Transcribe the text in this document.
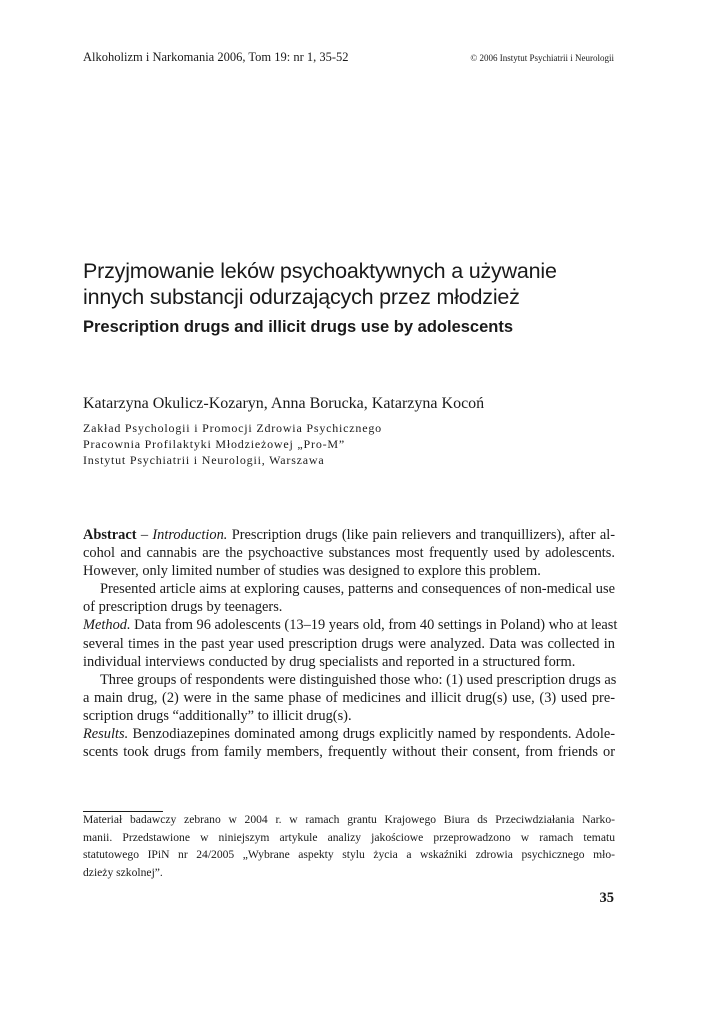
Alkoholizm i Narkomania 2006, Tom 19: nr 1, 35-52	© 2006 Instytut Psychiatrii i Neurologii
Przyjmowanie leków psychoaktywnych a używanie
innych substancji odurzających przez młodzież
Prescription drugs and illicit drugs use by adolescents
Katarzyna Okulicz-Kozaryn, Anna Borucka, Katarzyna Kocoń
Zakład Psychologii i Promocji Zdrowia Psychicznego
Pracownia Profilaktyki Młodzieżowej „Pro-M”
Instytut Psychiatrii i Neurologii, Warszawa
Abstract – Introduction. Prescription drugs (like pain relievers and tranquillizers), after al-
cohol and cannabis are the psychoactive substances most frequently used by adolescents.
However, only limited number of studies was designed to explore this problem.
Presented article aims at exploring causes, patterns and consequences of non-medical use
of prescription drugs by teenagers.
Method. Data from 96 adolescents (13–19 years old, from 40 settings in Poland) who at least
several times in the past year used prescription drugs were analyzed. Data was collected in
individual interviews conducted by drug specialists and reported in a structured form.
Three groups of respondents were distinguished those who: (1) used prescription drugs as
a main drug, (2) were in the same phase of medicines and illicit drug(s) use, (3) used pre-
scription drugs “additionally” to illicit drug(s).
Results. Benzodiazepines dominated among drugs explicitly named by respondents. Adole-
scents took drugs from family members, frequently without their consent, from friends or
Materiał badawczy zebrano w 2004 r. w ramach grantu Krajowego Biura ds Przeciwdziałania Narko-
manii. Przedstawione w niniejszym artykule analizy jakościowe przeprowadzono w ramach tematu
statutowego IPiN nr 24/2005 „Wybrane aspekty stylu życia a wskaźniki zdrowia psychicznego mło-
dzieży szkolnej”.
35
